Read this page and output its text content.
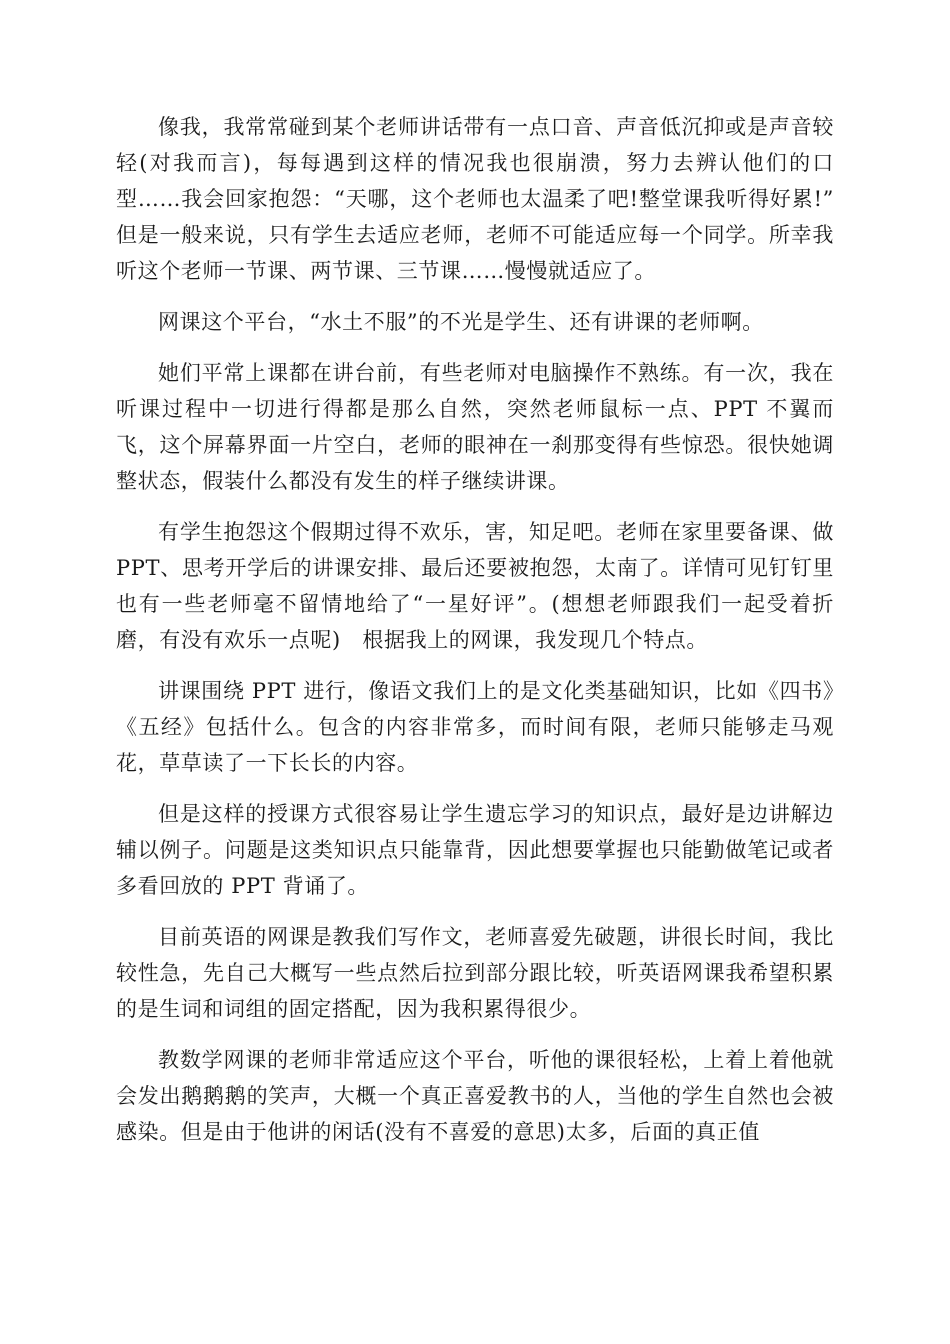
像我，我常常碰到某个老师讲话带有一点口音、声音低沉抑或是声音较轻(对我而言)，每每遇到这样的情况我也很崩溃，努力去辨认他们的口型……我会回家抱怨：“天哪，这个老师也太温柔了吧!整堂课我听得好累!”　但是一般来说，只有学生去适应老师，老师不可能适应每一个同学。所幸我听这个老师一节课、两节课、三节课……慢慢就适应了。

网课这个平台，“水土不服”的不光是学生、还有讲课的老师啊。

她们平常上课都在讲台前，有些老师对电脑操作不熟练。有一次，我在听课过程中一切进行得都是那么自然，突然老师鼠标一点、PPT 不翼而飞，这个屏幕界面一片空白，老师的眼神在一刹那变得有些惊恐。很快她调整状态，假装什么都没有发生的样子继续讲课。

有学生抱怨这个假期过得不欢乐，害，知足吧。老师在家里要备课、做 PPT、思考开学后的讲课安排、最后还要被抱怨，太南了。详情可见钉钉里也有一些老师毫不留情地给了“一星好评”。(想想老师跟我们一起受着折磨，有没有欢乐一点呢)　根据我上的网课，我发现几个特点。

讲课围绕 PPT 进行，像语文我们上的是文化类基础知识，比如《四书》《五经》包括什么。包含的内容非常多，而时间有限，老师只能够走马观花，草草读了一下长长的内容。

但是这样的授课方式很容易让学生遗忘学习的知识点，最好是边讲解边辅以例子。问题是这类知识点只能靠背，因此想要掌握也只能勤做笔记或者多看回放的 PPT 背诵了。

目前英语的网课是教我们写作文，老师喜爱先破题，讲很长时间，我比较性急，先自己大概写一些点然后拉到部分跟比较，听英语网课我希望积累的是生词和词组的固定搭配，因为我积累得很少。

教数学网课的老师非常适应这个平台，听他的课很轻松，上着上着他就会发出鹅鹅鹅的笑声，大概一个真正喜爱教书的人，当他的学生自然也会被感染。但是由于他讲的闲话(没有不喜爱的意思)太多，后面的真正值
